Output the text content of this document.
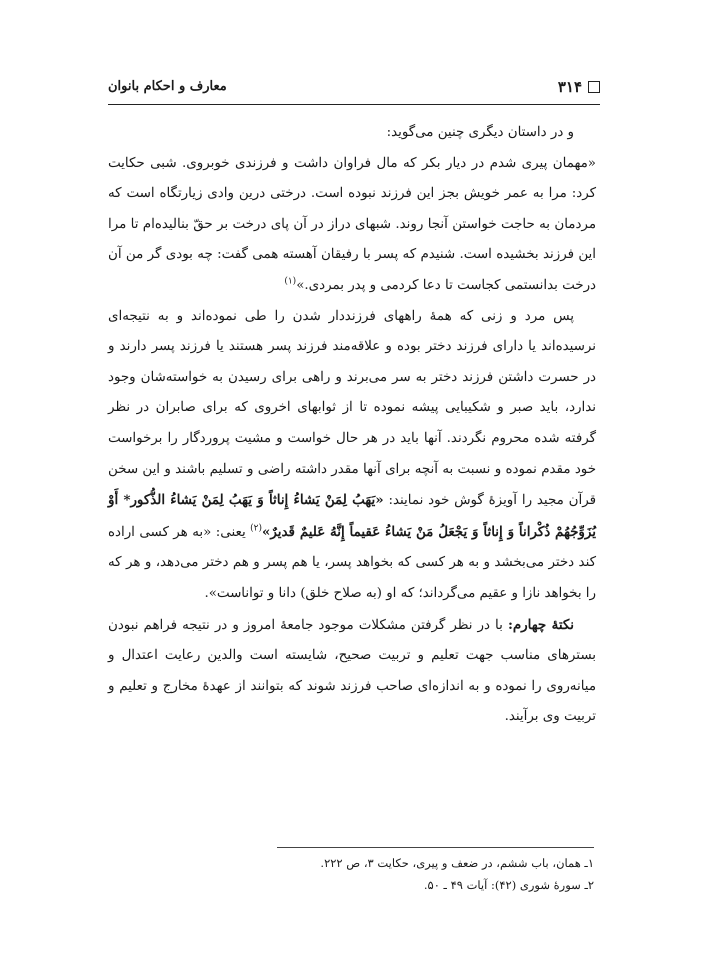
۳۱۴
معارف و احکام بانوان

و در داستان دیگری چنین می‌گوید:

«مهمان پیری شدم در دیار بکر که مال فراوان داشت و فرزندی خوبروی. شبی حکایت کرد: مرا به عمر خویش بجز این فرزند نبوده است. درختی درین وادی زیارتگاه است که مردمان به حاجت خواستن آنجا روند. شبهای دراز در آن پای درخت بر حقّ بنالیده‌ام تا مرا این فرزند بخشیده است. شنیدم که پسر با رفیقان آهسته همی گفت: چه بودی گر من آن درخت بدانستمی کجاست تا دعا کردمی و پدر بمردی.»$^{(۱)}$

پس مرد و زنی که همهٔ راههای فرزنددار شدن را طی نموده‌اند و به نتیجه‌ای نرسیده‌اند یا دارای فرزند دختر بوده و علاقه‌مند فرزند پسر هستند یا فرزند پسر دارند و در حسرت داشتن فرزند دختر به سر می‌برند و راهی برای رسیدن به خواسته‌شان وجود ندارد، باید صبر و شکیبایی پیشه نموده تا از ثوابهای اخروی که برای صابران در نظر گرفته شده محروم نگردند. آنها باید در هر حال خواست و مشیت پروردگار را برخواست خود مقدم نموده و نسبت به آنچه برای آنها مقدر داشته راضی و تسلیم باشند و این سخن قرآن مجید را آویزهٔ گوش خود نمایند: «یَهَبُ لِمَنْ یَشاءُ إِناثاً وَ یَهَبُ لِمَنْ یَشاءُ الذُّکور* أَوْ یُزَوِّجُهُمْ ذُکْراناً وَ إِناثاً وَ یَجْعَلُ مَنْ یَشاءُ عَقیماً إِنَّهُ عَلیمٌ قَدیرٌ»$^{(۲)}$ یعنی: «به هر کسی اراده کند دختر می‌بخشد و به هر کسی که بخواهد پسر، یا هم پسر و هم دختر می‌دهد، و هر که را بخواهد نازا و عقیم می‌گرداند؛ که او (به صلاح خلق) دانا و تواناست».

نکتهٔ چهارم: با در نظر گرفتن مشکلات موجود جامعهٔ امروز و در نتیجه فراهم نبودن بسترهای مناسب جهت تعلیم و تربیت صحیح، شایسته است والدین رعایت اعتدال و میانه‌روی را نموده و به اندازه‌ای صاحب فرزند شوند که بتوانند از عهدهٔ مخارج و تعلیم و تربیت وی برآیند.

۱ـ همان، باب ششم، در ضعف و پیری، حکایت ۳، ص ۲۲۲.
۲ـ سورهٔ شوری (۴۲): آیات ۴۹ ـ ۵۰.
